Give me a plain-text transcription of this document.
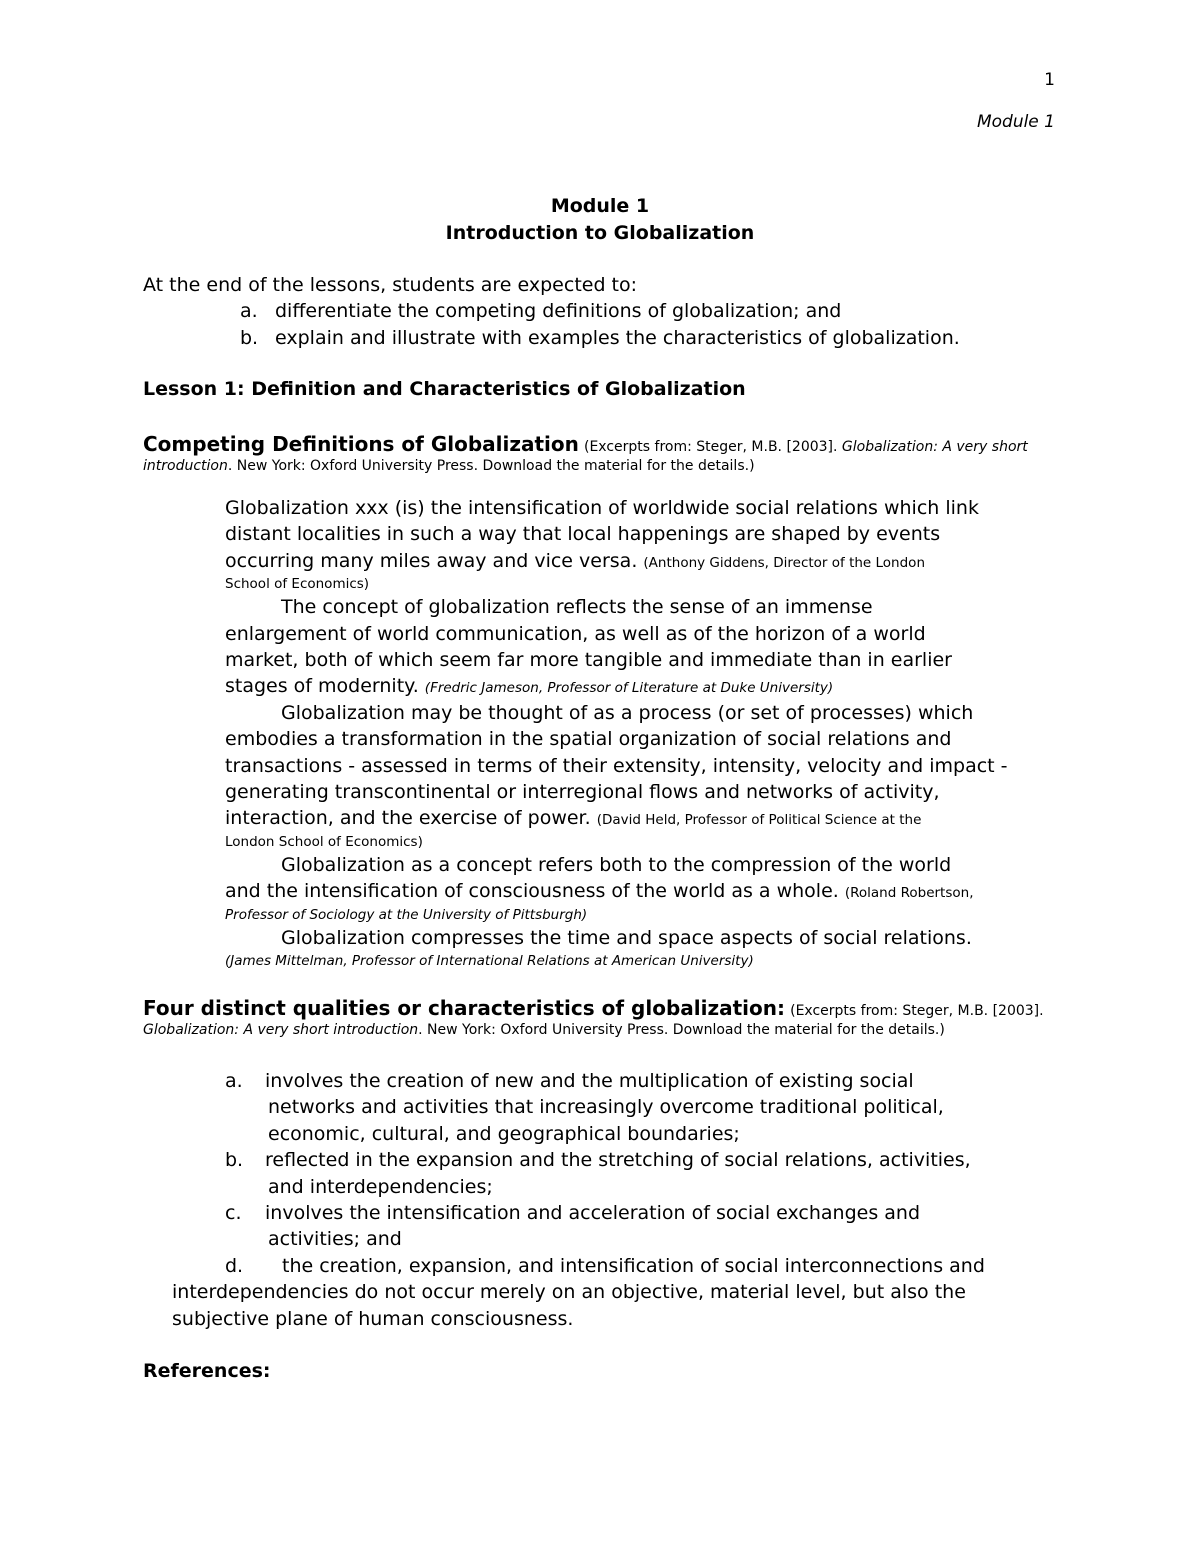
1
Module 1
Module 1
Introduction to Globalization
At the end of the lessons, students are expected to:
a. differentiate the competing definitions of globalization; and
b. explain and illustrate with examples the characteristics of globalization.
Lesson 1: Definition and Characteristics of Globalization
Competing Definitions of Globalization (Excerpts from: Steger, M.B. [2003]. Globalization: A very short
introduction. New York: Oxford University Press. Download the material for the details.)
Globalization xxx (is) the intensification of worldwide social relations which link
distant localities in such a way that local happenings are shaped by events
occurring many miles away and vice versa. (Anthony Giddens, Director of the London
School of Economics)
The concept of globalization reflects the sense of an immense
enlargement of world communication, as well as of the horizon of a world
market, both of which seem far more tangible and immediate than in earlier
stages of modernity. (Fredric Jameson, Professor of Literature at Duke University)
Globalization may be thought of as a process (or set of processes) which
embodies a transformation in the spatial organization of social relations and
transactions - assessed in terms of their extensity, intensity, velocity and impact -
generating transcontinental or interregional flows and networks of activity,
interaction, and the exercise of power. (David Held, Professor of Political Science at the
London School of Economics)
Globalization as a concept refers both to the compression of the world
and the intensification of consciousness of the world as a whole. (Roland Robertson,
Professor of Sociology at the University of Pittsburgh)
Globalization compresses the time and space aspects of social relations.
(James Mittelman, Professor of International Relations at American University)
Four distinct qualities or characteristics of globalization: (Excerpts from: Steger, M.B. [2003].
Globalization: A very short introduction. New York: Oxford University Press. Download the material for the details.)
a. involves the creation of new and the multiplication of existing social
networks and activities that increasingly overcome traditional political,
economic, cultural, and geographical boundaries;
b. reflected in the expansion and the stretching of social relations, activities,
and interdependencies;
c. involves the intensification and acceleration of social exchanges and
activities; and
d. the creation, expansion, and intensification of social interconnections and
interdependencies do not occur merely on an objective, material level, but also the
subjective plane of human consciousness.
References:
